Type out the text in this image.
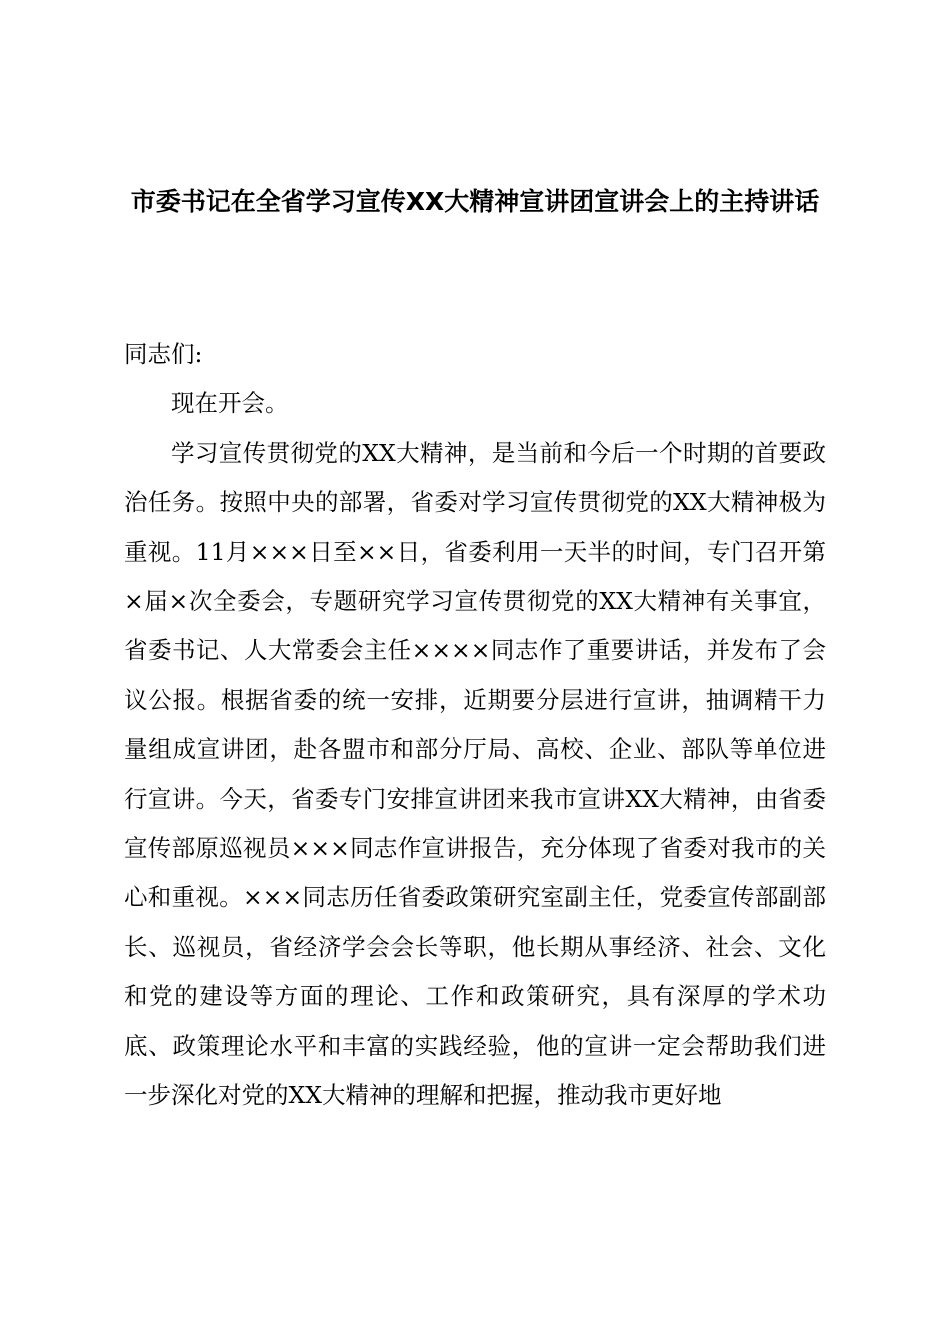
市委书记在全省学习宣传XX大精神宣讲团宣讲会上的主持讲话

同志们:

现在开会。

学习宣传贯彻党的XX大精神，是当前和今后一个时期的首要政治任务。按照中央的部署，省委对学习宣传贯彻党的XX大精神极为重视。11月×××日至××日，省委利用一天半的时间，专门召开第×届×次全委会，专题研究学习宣传贯彻党的XX大精神有关事宜，省委书记、人大常委会主任××××同志作了重要讲话，并发布了会议公报。根据省委的统一安排，近期要分层进行宣讲，抽调精干力量组成宣讲团，赴各盟市和部分厅局、高校、企业、部队等单位进行宣讲。今天，省委专门安排宣讲团来我市宣讲XX大精神，由省委宣传部原巡视员×××同志作宣讲报告，充分体现了省委对我市的关心和重视。×××同志历任省委政策研究室副主任，党委宣传部副部长、巡视员，省经济学会会长等职，他长期从事经济、社会、文化和党的建设等方面的理论、工作和政策研究，具有深厚的学术功底、政策理论水平和丰富的实践经验，他的宣讲一定会帮助我们进一步深化对党的XX大精神的理解和把握，推动我市更好地
